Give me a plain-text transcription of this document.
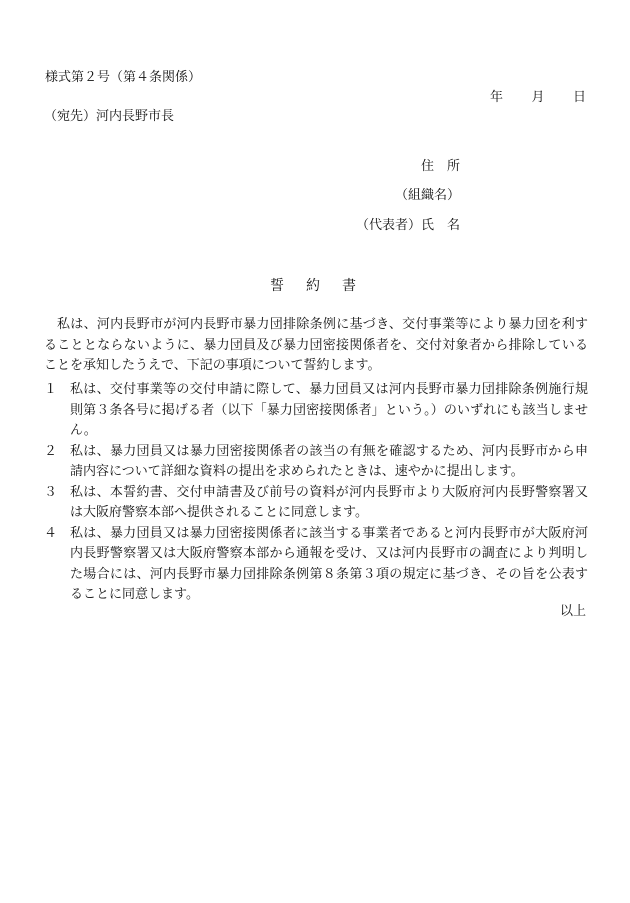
様式第２号（第４条関係）
年 月 日
（宛先）河内長野市長
住　所
（組織名）
（代表者）氏　名
誓　約　書
私は、河内長野市が河内長野市暴力団排除条例に基づき、交付事業等により暴力団を利することとならないように、暴力団員及び暴力団密接関係者を、交付対象者から排除していることを承知したうえで、下記の事項について誓約します。
１ 私は、交付事業等の交付申請に際して、暴力団員又は河内長野市暴力団排除条例施行規則第３条各号に掲げる者（以下「暴力団密接関係者」という。）のいずれにも該当しません。
２ 私は、暴力団員又は暴力団密接関係者の該当の有無を確認するため、河内長野市から申請内容について詳細な資料の提出を求められたときは、速やかに提出します。
３ 私は、本誓約書、交付申請書及び前号の資料が河内長野市より大阪府河内長野警察署又は大阪府警察本部へ提供されることに同意します。
４ 私は、暴力団員又は暴力団密接関係者に該当する事業者であると河内長野市が大阪府河内長野警察署又は大阪府警察本部から通報を受け、又は河内長野市の調査により判明した場合には、河内長野市暴力団排除条例第８条第３項の規定に基づき、その旨を公表することに同意します。
以上
